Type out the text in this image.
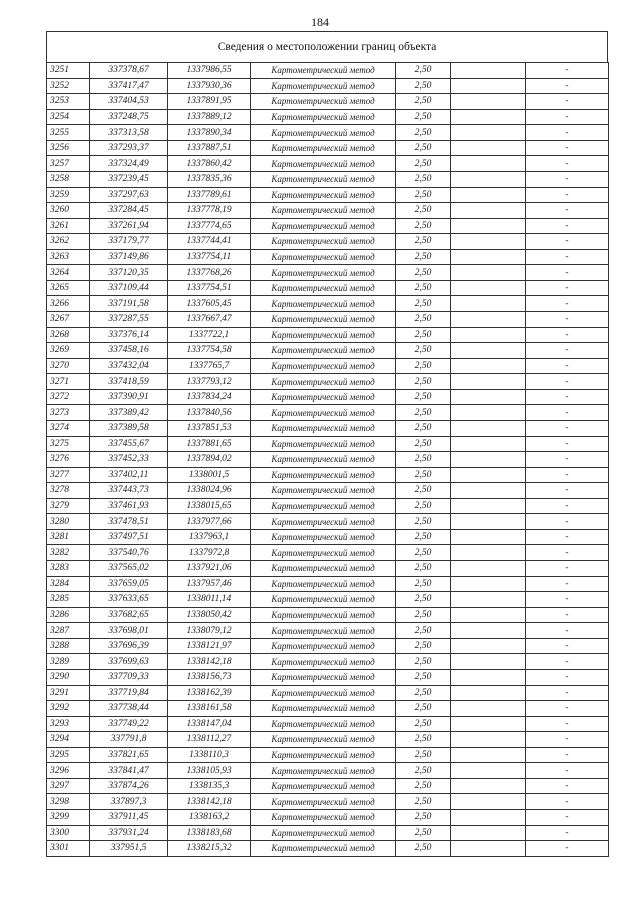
184
Сведения о местоположении границ объекта
3251	337378,67	1337986,55	Картометрический метод	2,50		-
3252	337417,47	1337930,36	Картометрический метод	2,50		-
3253	337404,53	1337891,95	Картометрический метод	2,50		-
3254	337248,75	1337889,12	Картометрический метод	2,50		-
3255	337313,58	1337890,34	Картометрический метод	2,50		-
3256	337293,37	1337887,51	Картометрический метод	2,50		-
3257	337324,49	1337860,42	Картометрический метод	2,50		-
3258	337239,45	1337835,36	Картометрический метод	2,50		-
3259	337297,63	1337789,61	Картометрический метод	2,50		-
3260	337284,45	1337778,19	Картометрический метод	2,50		-
3261	337261,94	1337774,65	Картометрический метод	2,50		-
3262	337179,77	1337744,41	Картометрический метод	2,50		-
3263	337149,86	1337754,11	Картометрический метод	2,50		-
3264	337120,35	1337768,26	Картометрический метод	2,50		-
3265	337109,44	1337754,51	Картометрический метод	2,50		-
3266	337191,58	1337605,45	Картометрический метод	2,50		-
3267	337287,55	1337667,47	Картометрический метод	2,50		-
3268	337376,14	1337722,1	Картометрический метод	2,50		-
3269	337458,16	1337754,58	Картометрический метод	2,50		-
3270	337432,04	1337765,7	Картометрический метод	2,50		-
3271	337418,59	1337793,12	Картометрический метод	2,50		-
3272	337390,91	1337834,24	Картометрический метод	2,50		-
3273	337389,42	1337840,56	Картометрический метод	2,50		-
3274	337389,58	1337851,53	Картометрический метод	2,50		-
3275	337455,67	1337881,65	Картометрический метод	2,50		-
3276	337452,33	1337894,02	Картометрический метод	2,50		-
3277	337402,11	1338001,5	Картометрический метод	2,50		-
3278	337443,73	1338024,96	Картометрический метод	2,50		-
3279	337461,93	1338015,65	Картометрический метод	2,50		-
3280	337478,51	1337977,66	Картометрический метод	2,50		-
3281	337497,51	1337963,1	Картометрический метод	2,50		-
3282	337540,76	1337972,8	Картометрический метод	2,50		-
3283	337565,02	1337921,06	Картометрический метод	2,50		-
3284	337659,05	1337957,46	Картометрический метод	2,50		-
3285	337633,65	1338011,14	Картометрический метод	2,50		-
3286	337682,65	1338050,42	Картометрический метод	2,50		-
3287	337698,01	1338079,12	Картометрический метод	2,50		-
3288	337696,39	1338121,97	Картометрический метод	2,50		-
3289	337699,63	1338142,18	Картометрический метод	2,50		-
3290	337709,33	1338156,73	Картометрический метод	2,50		-
3291	337719,84	1338162,39	Картометрический метод	2,50		-
3292	337738,44	1338161,58	Картометрический метод	2,50		-
3293	337749,22	1338147,04	Картометрический метод	2,50		-
3294	337791,8	1338112,27	Картометрический метод	2,50		-
3295	337821,65	1338110,3	Картометрический метод	2,50		-
3296	337841,47	1338105,93	Картометрический метод	2,50		-
3297	337874,26	1338135,3	Картометрический метод	2,50		-
3298	337897,3	1338142,18	Картометрический метод	2,50		-
3299	337911,45	1338163,2	Картометрический метод	2,50		-
3300	337931,24	1338183,68	Картометрический метод	2,50		-
3301	337951,5	1338215,32	Картометрический метод	2,50		-
